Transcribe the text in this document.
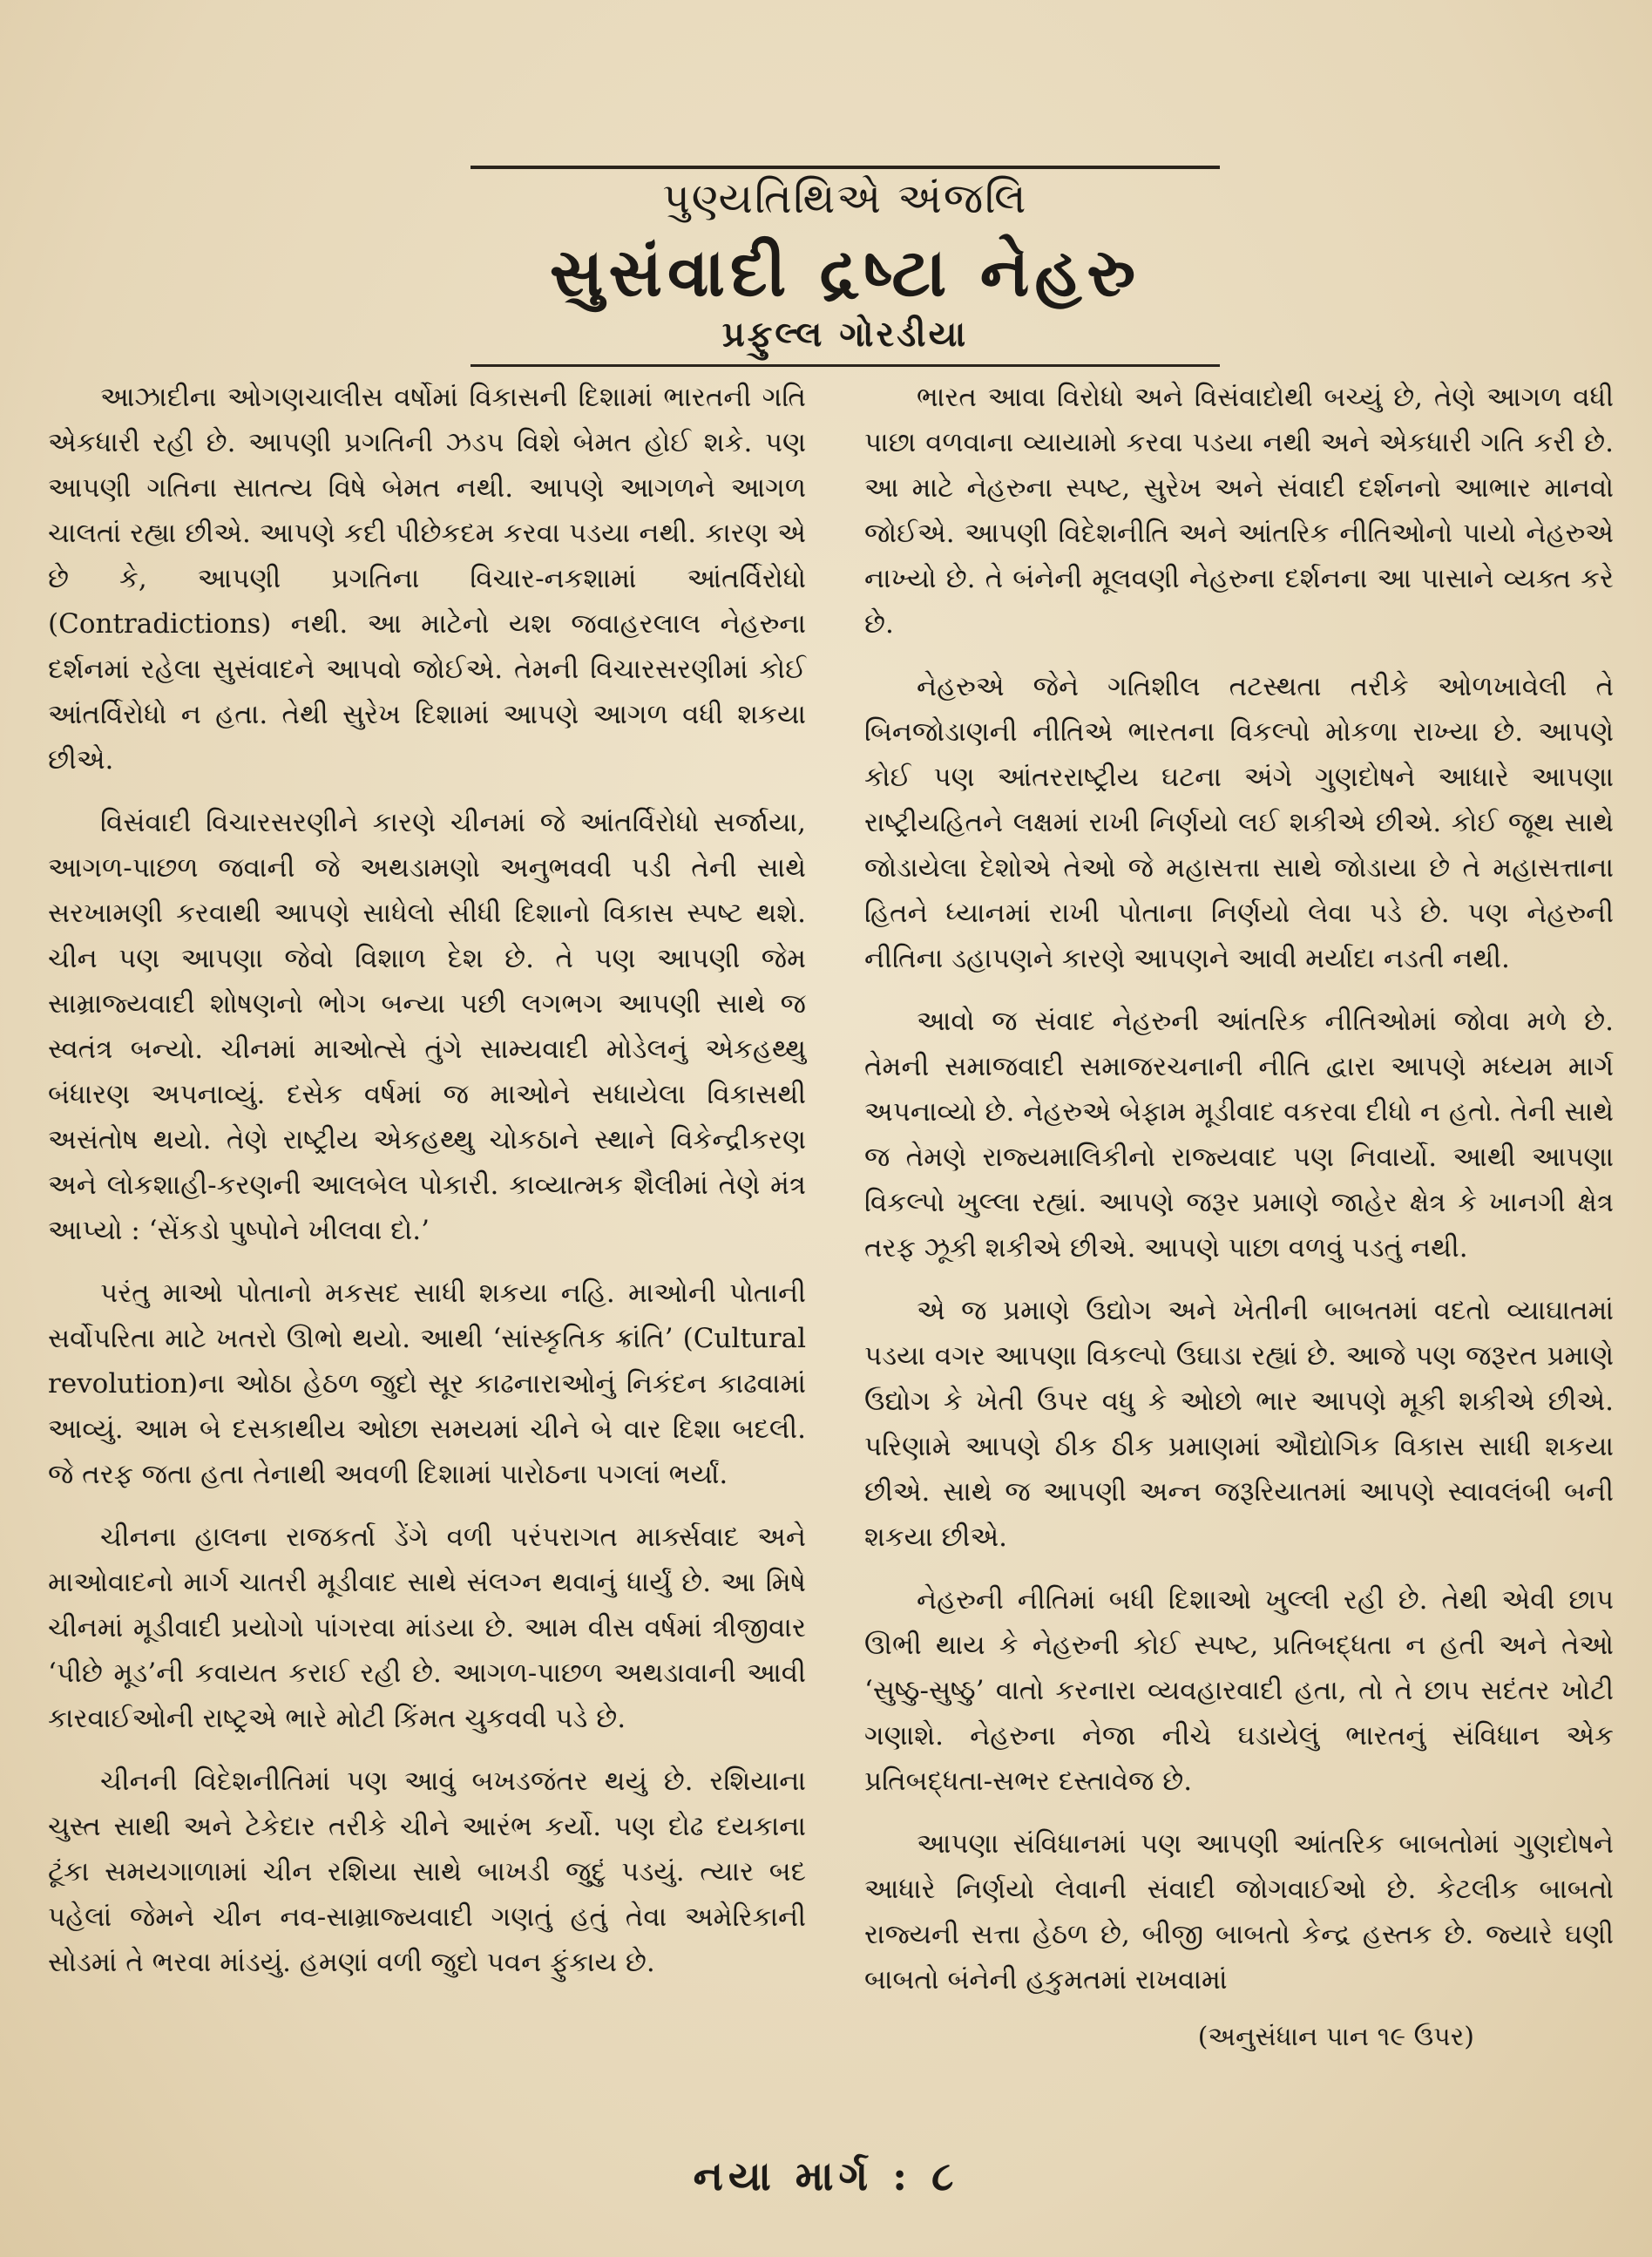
પુણ્યતિથિએ અંજલિ
સુસંવાદી દ્રષ્ટા નેહરુ
પ્રફુલ્લ ગોરડીયા

આઝાદીના ઓગણચાલીસ વર્ષોમાં વિકાસની દિશામાં ભારતની ગતિ એકધારી રહી છે. આપણી પ્રગતિની ઝડપ વિશે બેમત હોઈ શકે. પણ આપણી ગતિના સાતત્ય વિષે બેમત નથી. આપણે આગળને આગળ ચાલતાં રહ્યા છીએ. આપણે કદી પીછેકદમ કરવા પડયા નથી. કારણ એ છે કે, આપણી પ્રગતિના વિચાર-નકશામાં આંતર્વિરોધો (Contradictions) નથી. આ માટેનો યશ જવાહરલાલ નેહરુના દર્શનમાં રહેલા સુસંવાદને આપવો જોઈએ. તેમની વિચારસરણીમાં કોઈ આંતર્વિરોધો ન હતા. તેથી સુરેખ દિશામાં આપણે આગળ વધી શકયા છીએ.

વિસંવાદી વિચારસરણીને કારણે ચીનમાં જે આંતર્વિરોધો સર્જાયા, આગળ-પાછળ જવાની જે અથડામણો અનુભવવી પડી તેની સાથે સરખામણી કરવાથી આપણે સાધેલો સીધી દિશાનો વિકાસ સ્પષ્ટ થશે. ચીન પણ આપણા જેવો વિશાળ દેશ છે. તે પણ આપણી જેમ સામ્રાજ્યવાદી શોષણનો ભોગ બન્યા પછી લગભગ આપણી સાથે જ સ્વતંત્ર બન્યો. ચીનમાં માઓત્સે તુંગે સામ્યવાદી મોડેલનું એકહથ્થુ બંધારણ અપનાવ્યું. દસેક વર્ષમાં જ માઓને સધાયેલા વિકાસથી અસંતોષ થયો. તેણે રાષ્ટ્રીય એકહથ્થુ ચોકઠાને સ્થાને વિકેન્દ્રીકરણ અને લોકશાહી-કરણની આલબેલ પોકારી. કાવ્યાત્મક શૈલીમાં તેણે મંત્ર આપ્યો : ‘સેંકડો પુષ્પોને ખીલવા દો.’

પરંતુ માઓ પોતાનો મકસદ સાધી શકયા નહિ. માઓની પોતાની સર્વોપરિતા માટે ખતરો ઊભો થયો. આથી ‘સાંસ્કૃતિક ક્રાંતિ’ (Cultural revolution)ના ઓઠા હેઠળ જુદો સૂર કાઢનારાઓનું નિકંદન કાઢવામાં આવ્યું. આમ બે દસકાથીય ઓછા સમયમાં ચીને બે વાર દિશા બદલી. જે તરફ જતા હતા તેનાથી અવળી દિશામાં પારોઠના પગલાં ભર્યાં.

ચીનના હાલના રાજકર્તા ડેંગે વળી પરંપરાગત માર્ક્સવાદ અને માઓવાદનો માર્ગ ચાતરી મૂડીવાદ સાથે સંલગ્ન થવાનું ધાર્યું છે. આ મિષે ચીનમાં મૂડીવાદી પ્રયોગો પાંગરવા માંડયા છે. આમ વીસ વર્ષમાં ત્રીજીવાર ‘પીછે મૂડ’ની કવાયત કરાઈ રહી છે. આગળ-પાછળ અથડાવાની આવી કારવાઈઓની રાષ્ટ્રએ ભારે મોટી કિંમત ચુકવવી પડે છે.

ચીનની વિદેશનીતિમાં પણ આવું બખડજંતર થયું છે. રશિયાના ચુસ્ત સાથી અને ટેકેદાર તરીકે ચીને આરંભ કર્યો. પણ દોઢ દયકાના ટૂંકા સમયગાળામાં ચીન રશિયા સાથે બાખડી જુદું પડયું. ત્યાર બદ પહેલાં જેમને ચીન નવ-સામ્રાજ્યવાદી ગણતું હતું તેવા અમેરિકાની સોડમાં તે ભરવા માંડયું. હમણાં વળી જુદો પવન ફુંકાય છે.

ભારત આવા વિરોધો અને વિસંવાદોથી બચ્યું છે, તેણે આગળ વધી પાછા વળવાના વ્યાયામો કરવા પડયા નથી અને એકધારી ગતિ કરી છે. આ માટે નેહરુના સ્પષ્ટ, સુરેખ અને સંવાદી દર્શનનો આભાર માનવો જોઈએ. આપણી વિદેશનીતિ અને આંતરિક નીતિઓનો પાયો નેહરુએ નાખ્યો છે. તે બંનેની મૂલવણી નેહરુના દર્શનના આ પાસાને વ્યક્ત કરે છે.

નેહરુએ જેને ગતિશીલ તટસ્થતા તરીકે ઓળખાવેલી તે બિનજોડાણની નીતિએ ભારતના વિકલ્પો મોકળા રાખ્યા છે. આપણે કોઈ પણ આંતરરાષ્ટ્રીય ઘટના અંગે ગુણદોષને આધારે આપણા રાષ્ટ્રીયહિતને લક્ષમાં રાખી નિર્ણયો લઈ શકીએ છીએ. કોઈ જૂથ સાથે જોડાયેલા દેશોએ તેઓ જે મહાસત્તા સાથે જોડાયા છે તે મહાસત્તાના હિતને ધ્યાનમાં રાખી પોતાના નિર્ણયો લેવા પડે છે. પણ નેહરુની નીતિના ડહાપણને કારણે આપણને આવી મર્યાદા નડતી નથી.

આવો જ સંવાદ નેહરુની આંતરિક નીતિઓમાં જોવા મળે છે. તેમની સમાજવાદી સમાજરચનાની નીતિ દ્વારા આપણે મધ્યમ માર્ગ અપનાવ્યો છે. નેહરુએ બેફામ મૂડીવાદ વકરવા દીધો ન હતો. તેની સાથે જ તેમણે રાજ્યમાલિકીનો રાજ્યવાદ પણ નિવાર્યો. આથી આપણા વિકલ્પો ખુલ્લા રહ્યાં. આપણે જરૂર પ્રમાણે જાહેર ક્ષેત્ર કે ખાનગી ક્ષેત્ર તરફ ઝૂકી શકીએ છીએ. આપણે પાછા વળવું પડતું નથી.

એ જ પ્રમાણે ઉદ્યોગ અને ખેતીની બાબતમાં વદતો વ્યાઘાતમાં પડયા વગર આપણા વિકલ્પો ઉઘાડા રહ્યાં છે. આજે પણ જરૂરત પ્રમાણે ઉદ્યોગ કે ખેતી ઉપર વધુ કે ઓછો ભાર આપણે મૂકી શકીએ છીએ. પરિણામે આપણે ઠીક ઠીક પ્રમાણમાં ઔદ્યોગિક વિકાસ સાધી શકયા છીએ. સાથે જ આપણી અન્ન જરૂરિયાતમાં આપણે સ્વાવલંબી બની શકયા છીએ.

નેહરુની નીતિમાં બધી દિશાઓ ખુલ્લી રહી છે. તેથી એવી છાપ ઊભી થાય કે નેહરુની કોઈ સ્પષ્ટ, પ્રતિબદ્ધતા ન હતી અને તેઓ ‘સુષ્ઠુ-સુષ્ઠુ’ વાતો કરનારા વ્યવહારવાદી હતા, તો તે છાપ સદંતર ખોટી ગણાશે. નેહરુના નેજા નીચે ઘડાયેલું ભારતનું સંવિધાન એક પ્રતિબદ્ધતા-સભર દસ્તાવેજ છે.

આપણા સંવિધાનમાં પણ આપણી આંતરિક બાબતોમાં ગુણદોષને આધારે નિર્ણયો લેવાની સંવાદી જોગવાઈઓ છે. કેટલીક બાબતો રાજ્યની સત્તા હેઠળ છે, બીજી બાબતો કેન્દ્ર હસ્તક છે. જ્યારે ઘણી બાબતો બંનેની હકુમતમાં રાખવામાં

(અનુસંધાન પાન ૧૯ ઉપર)
નયા માર્ગ : ૮
